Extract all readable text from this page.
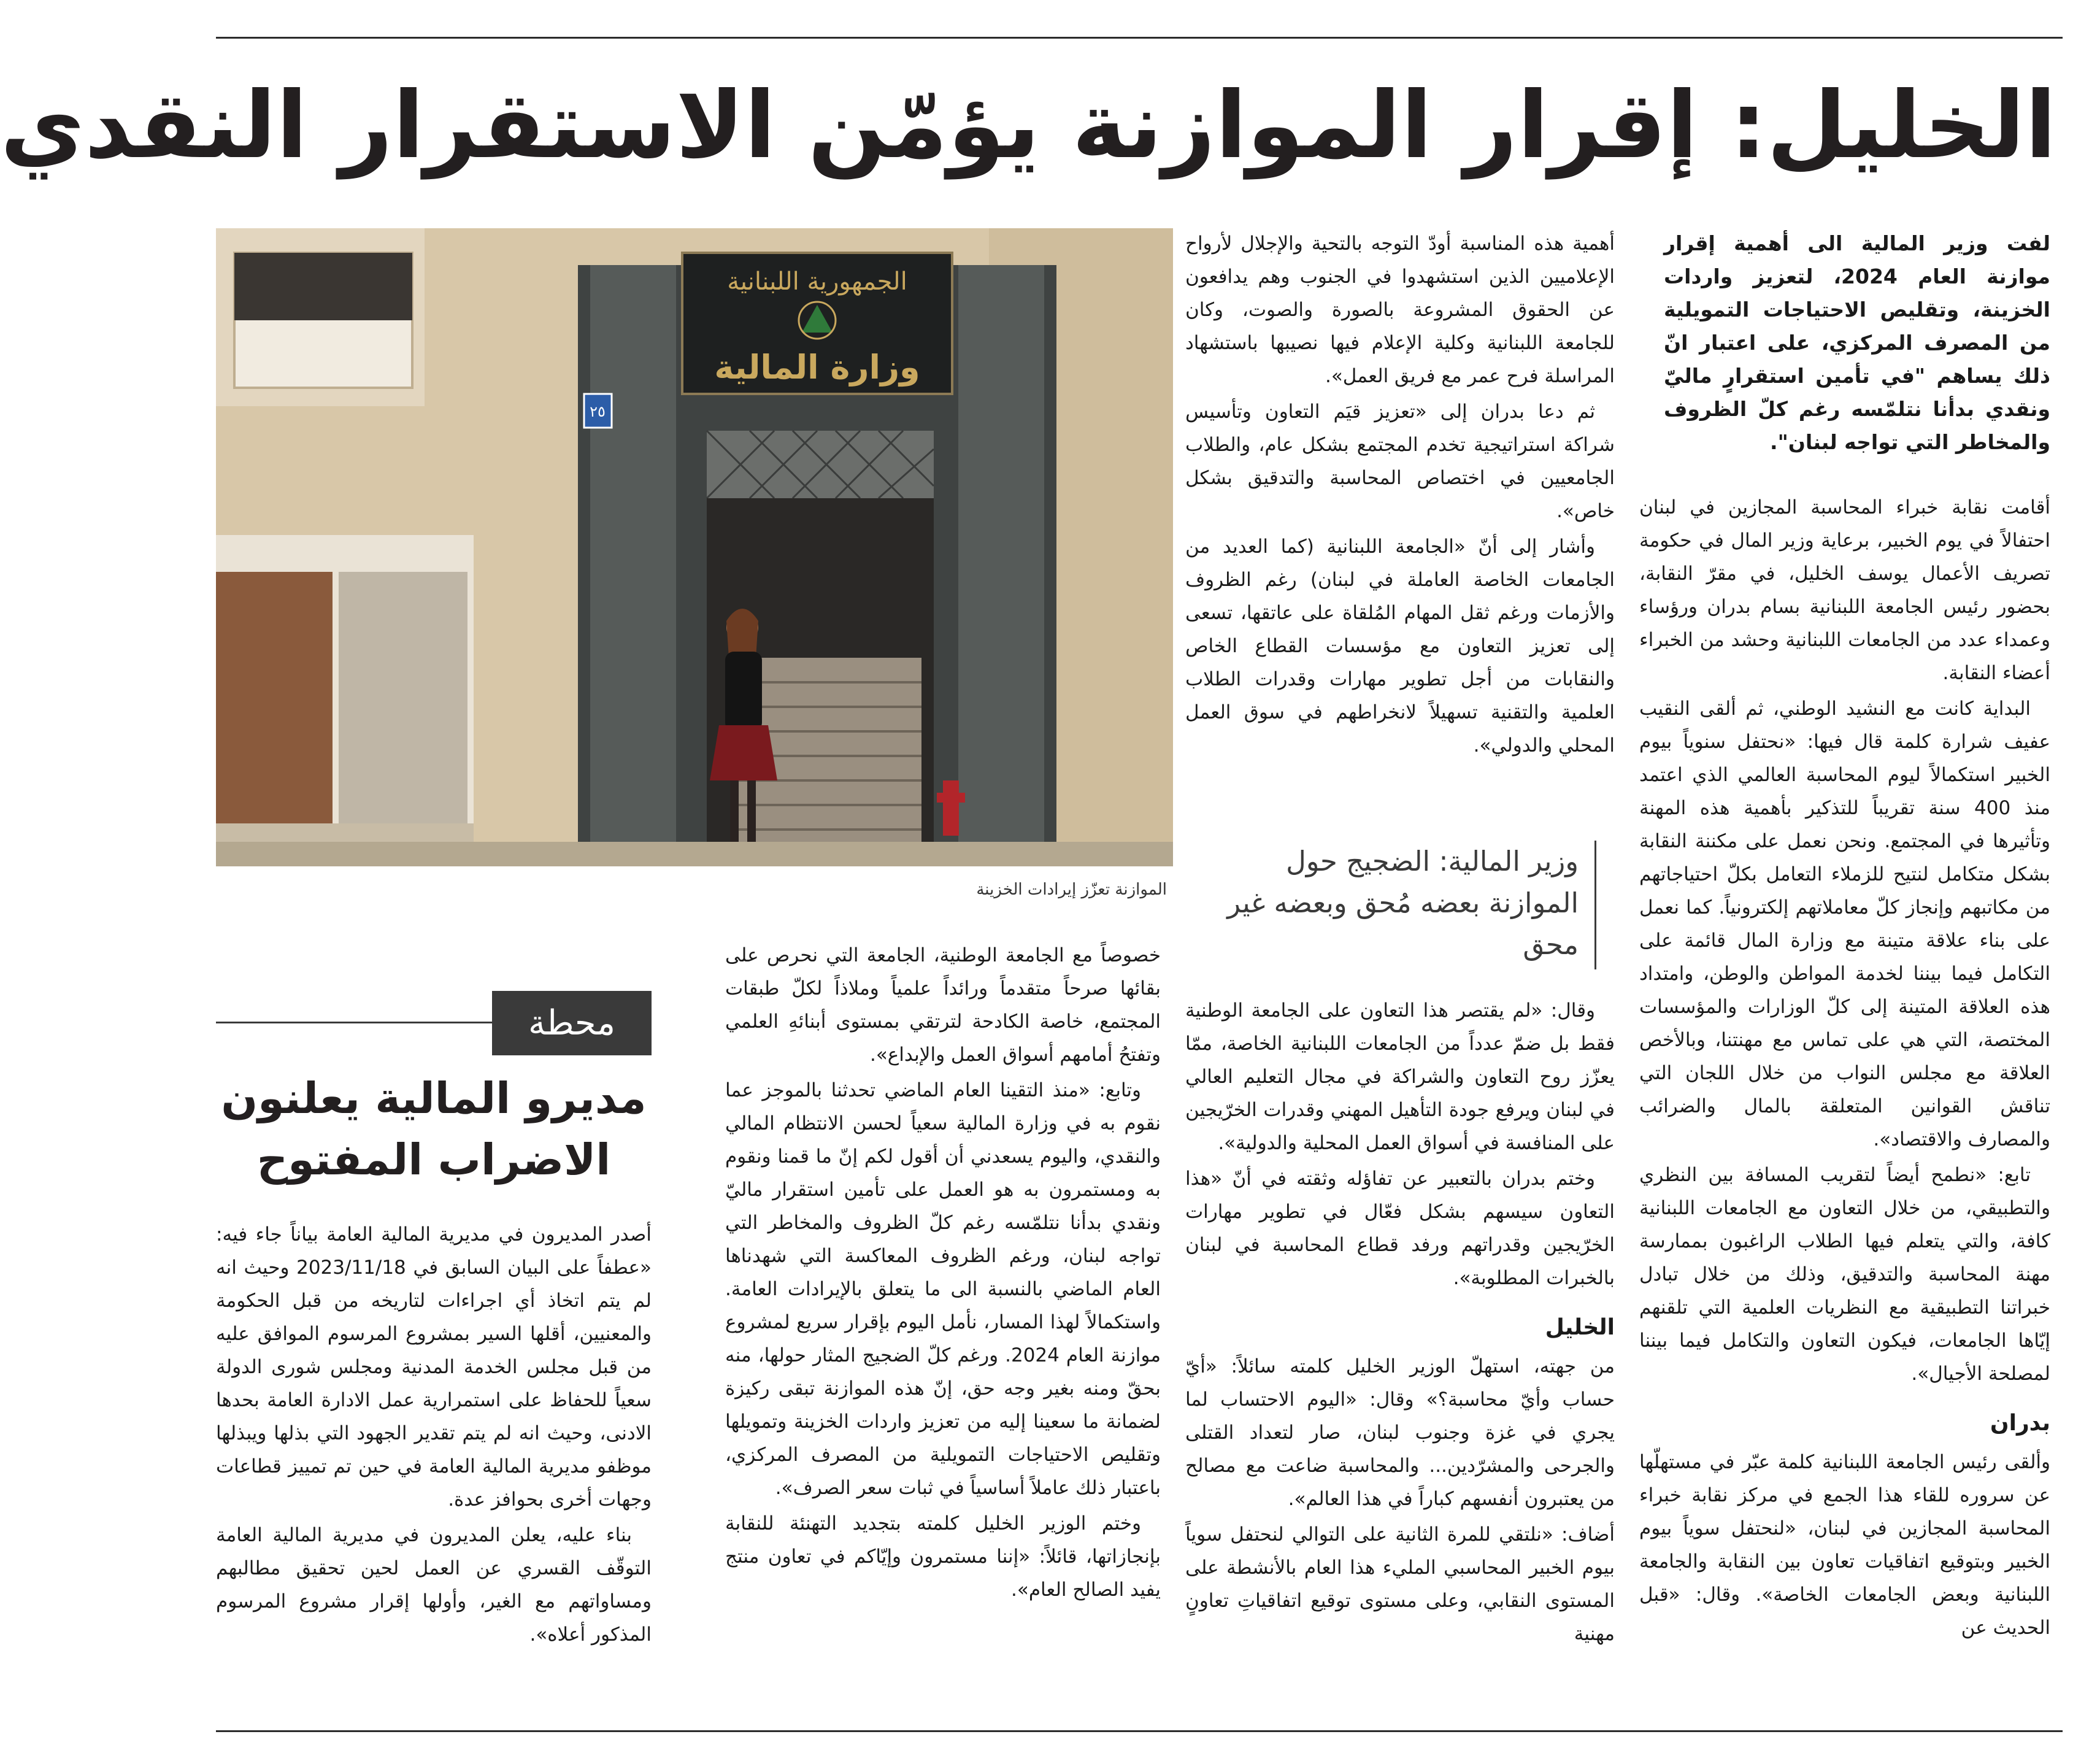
الخليل: إقرار الموازنة يؤمّن الاستقرار النقدي
لفت وزير المالية الى أهمية إقرار موازنة العام 2024، لتعزيز واردات الخزينة، وتقليص الاحتياجات التمويلية من المصرف المركزي، على اعتبار انّ ذلك يساهم "في تأمين استقرارٍ ماليّ ونقدي بدأنا نتلمّسه رغم كلّ الظروف والمخاطر التي تواجه لبنان".

أقامت نقابة خبراء المحاسبة المجازين في لبنان احتفالاً في يوم الخبير، برعاية وزير المال في حكومة تصريف الأعمال يوسف الخليل، في مقرّ النقابة، بحضور رئيس الجامعة اللبنانية بسام بدران ورؤساء وعمداء عدد من الجامعات اللبنانية وحشد من الخبراء أعضاء النقابة.

البداية كانت مع النشيد الوطني، ثم ألقى النقيب عفيف شرارة كلمة قال فيها: «نحتفل سنوياً بيوم الخبير استكمالاً ليوم المحاسبة العالمي الذي اعتمد منذ 400 سنة تقريباً للتذكير بأهمية هذه المهنة وتأثيرها في المجتمع. ونحن نعمل على مكننة النقابة بشكل متكامل لنتيح للزملاء التعامل بكلّ احتياجاتهم من مكاتبهم وإنجاز كلّ معاملاتهم إلكترونياً. كما نعمل على بناء علاقة متينة مع وزارة المال قائمة على التكامل فيما بيننا لخدمة المواطن والوطن، وامتداد هذه العلاقة المتينة إلى كلّ الوزارات والمؤسسات المختصة، التي هي على تماس مع مهنتنا، وبالأخص العلاقة مع مجلس النواب من خلال اللجان التي تناقش القوانين المتعلقة بالمال والضرائب والمصارف والاقتصاد».

تابع: «نطمح أيضاً لتقريب المسافة بين النظري والتطبيقي، من خلال التعاون مع الجامعات اللبنانية كافة، والتي يتعلم فيها الطلاب الراغبون بممارسة مهنة المحاسبة والتدقيق، وذلك من خلال تبادل خبراتنا التطبيقية مع النظريات العلمية التي تلقنهم إيّاها الجامعات، فيكون التعاون والتكامل فيما بيننا لمصلحة الأجيال».

بدران

وألقى رئيس الجامعة اللبنانية كلمة عبّر في مستهلّها عن سروره للقاء هذا الجمع في مركز نقابة خبراء المحاسبة المجازين في لبنان، «لنحتفل سوياً بيوم الخبير وبتوقيع اتفاقيات تعاون بين النقابة والجامعة اللبنانية وبعض الجامعات الخاصة». وقال: «قبل الحديث عن

أهمية هذه المناسبة أودّ التوجه بالتحية والإجلال لأرواح الإعلاميين الذين استشهدوا في الجنوب وهم يدافعون عن الحقوق المشروعة بالصورة والصوت، وكان للجامعة اللبنانية وكلية الإعلام فيها نصيبها باستشهاد المراسلة فرح عمر مع فريق العمل».

ثم دعا بدران إلى «تعزيز قيَم التعاون وتأسيس شراكة استراتيجية تخدم المجتمع بشكل عام، والطلاب الجامعيين في اختصاص المحاسبة والتدقيق بشكل خاص».

وأشار إلى أنّ «الجامعة اللبنانية (كما العديد من الجامعات الخاصة العاملة في لبنان) رغم الظروف والأزمات ورغم ثقل المهام المُلقاة على عاتقها، تسعى إلى تعزيز التعاون مع مؤسسات القطاع الخاص والنقابات من أجل تطوير مهارات وقدرات الطلاب العلمية والتقنية تسهيلاً لانخراطهم في سوق العمل المحلي والدولي».

وزير المالية: الضجيج حول الموازنة بعضه مُحق وبعضه غير محق

وقال: «لم يقتصر هذا التعاون على الجامعة الوطنية فقط بل ضمّ عدداً من الجامعات اللبنانية الخاصة، ممّا يعزّز روح التعاون والشراكة في مجال التعليم العالي في لبنان ويرفع جودة التأهيل المهني وقدرات الخرّيجين على المنافسة في أسواق العمل المحلية والدولية».

وختم بدران بالتعبير عن تفاؤله وثقته في أنّ «هذا التعاون سيسهم بشكل فعّال في تطوير مهارات الخرّيجين وقدراتهم ورفد قطاع المحاسبة في لبنان بالخبرات المطلوبة».

الخليل

من جهته، استهلّ الوزير الخليل كلمته سائلاً: «أيّ حساب وأيّ محاسبة؟» وقال: «اليوم الاحتساب لما يجري في غزة وجنوب لبنان، صار لتعداد القتلى والجرحى والمشرّدين... والمحاسبة ضاعت مع مصالح من يعتبرون أنفسهم كباراً في هذا العالم».

أضاف: «نلتقي للمرة الثانية على التوالي لنحتفل سوياً بيوم الخبير المحاسبي المليء هذا العام بالأنشطة على المستوى النقابي، وعلى مستوى توقيع اتفاقياتِ تعاونٍ مهنية

خصوصاً مع الجامعة الوطنية، الجامعة التي نحرص على بقائها صرحاً متقدماً ورائداً علمياً وملاذاً لكلّ طبقات المجتمع، خاصة الكادحة لترتقي بمستوى أبنائهِ العلمي وتفتحُ أمامهم أسواق العمل والإبداع».

وتابع: «منذ التقينا العام الماضي تحدثنا بالموجز عما نقوم به في وزارة المالية سعياً لحسن الانتظام المالي والنقدي، واليوم يسعدني أن أقول لكم إنّ ما قمنا ونقوم به ومستمرون به هو العمل على تأمين استقرار ماليّ ونقدي بدأنا نتلمّسه رغم كلّ الظروف والمخاطر التي تواجه لبنان، ورغم الظروف المعاكسة التي شهدناها العام الماضي بالنسبة الى ما يتعلق بالإيرادات العامة. واستكمالاً لهذا المسار، نأمل اليوم بإقرار سريع لمشروع موازنة العام 2024. ورغم كلّ الضجيج المثار حولها، منه بحقّ ومنه بغير وجه حق، إنّ هذه الموازنة تبقى ركيزة لضمانة ما سعينا إليه من تعزيز واردات الخزينة وتمويلها وتقليص الاحتياجات التمويلية من المصرف المركزي، باعتبار ذلك عاملاً أساسياً في ثبات سعر الصرف».

وختم الوزير الخليل كلمته بتجديد التهنئة للنقابة بإنجازاتها، قائلاً: «إننا مستمرون وإيّاكم في تعاون منتج يفيد الصالح العام».

الجمهورية اللبنانية
وزارة المالية
٢٥
الموازنة تعزّز إيرادات الخزينة
محطة
مديرو المالية يعلنون الاضراب المفتوح

أصدر المديرون في مديرية المالية العامة بياناً جاء فيه: «عطفاً على البيان السابق في 2023/11/18 وحيث انه لم يتم اتخاذ أي اجراءات لتاريخه من قبل الحكومة والمعنيين، أقلها السير بمشروع المرسوم الموافق عليه من قبل مجلس الخدمة المدنية ومجلس شورى الدولة سعياً للحفاظ على استمرارية عمل الادارة العامة بحدها الادنى، وحيث انه لم يتم تقدير الجهود التي بذلها ويبذلها موظفو مديرية المالية العامة في حين تم تمييز قطاعات وجهات أخرى بحوافز عدة.

بناء عليه، يعلن المديرون في مديرية المالية العامة التوقّف القسري عن العمل لحين تحقيق مطالبهم ومساواتهم مع الغير، وأولها إقرار مشروع المرسوم المذكور أعلاه».
